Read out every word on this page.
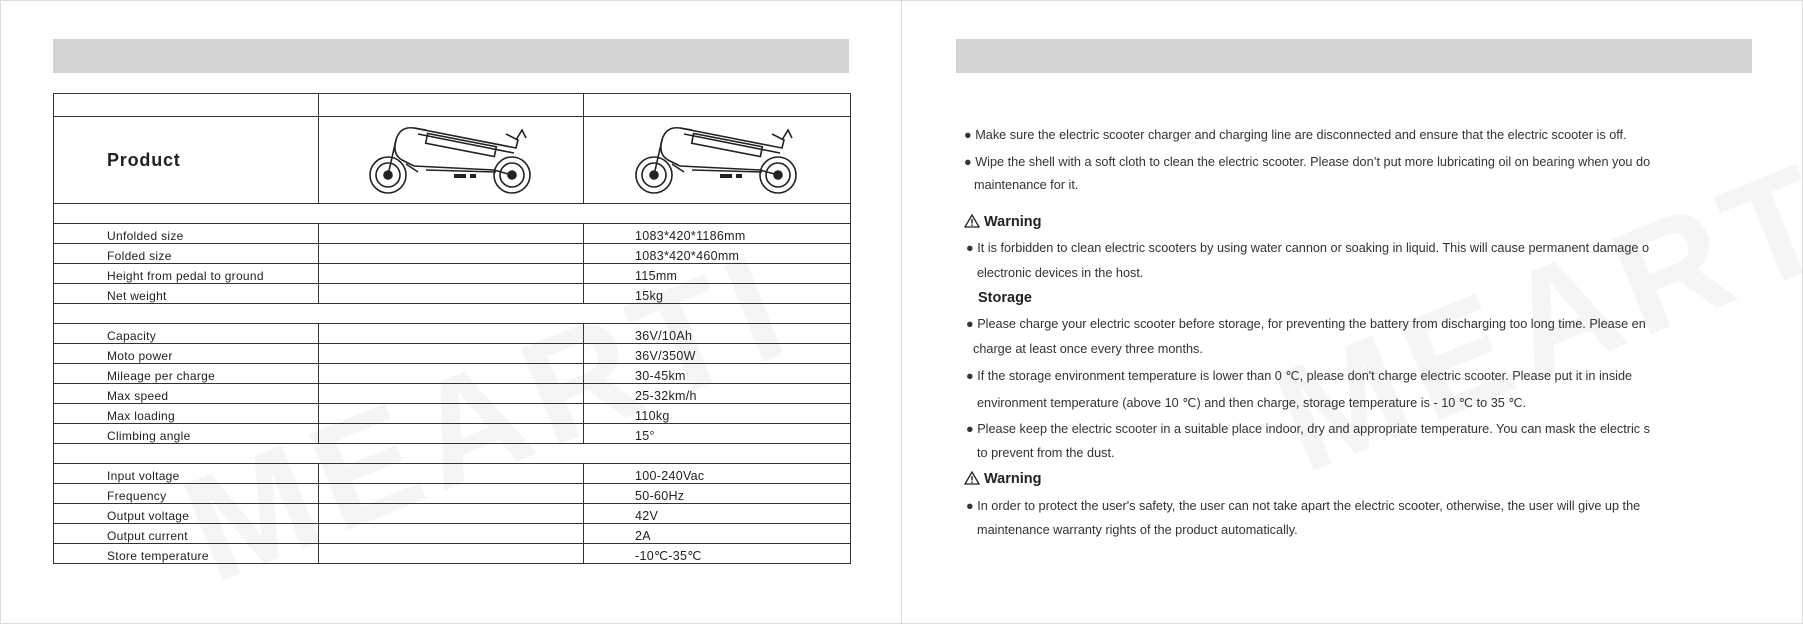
Product		

Unfolded size		1083*420*1186mm
Folded size		1083*420*460mm
Height from pedal to ground		115mm
Net weight		15kg

Capacity		36V/10Ah
Moto power		36V/350W
Mileage per charge		30-45km
Max speed		25-32km/h
Max loading		110kg
Climbing angle		15°

Input voltage		100-240Vac
Frequency		50-60Hz
Output voltage		42V
Output current		2A
Store temperature		-10℃-35℃
● Make sure the electric scooter charger and charging line are disconnected and ensure that the electric scooter is off.
● Wipe the shell with a soft cloth to clean the electric scooter. Please don’t put more lubricating oil on bearing when you do
maintenance for it.
Warning
● It is forbidden to clean electric scooters by using water cannon or soaking in liquid. This will cause permanent damage o
electronic devices in the host.
Storage
● Please charge your electric scooter before storage, for preventing the battery from discharging too long time. Please en
charge at least once every three months.
● If the storage environment temperature is lower than 0 ℃, please don't charge electric scooter. Please put it in inside
environment temperature (above 10 ℃) and then charge, storage temperature is - 10 ℃ to 35 ℃.
● Please keep the electric scooter in a suitable place indoor, dry and appropriate temperature. You can mask the electric s
to prevent from the dust.
Warning
● In order to protect the user's safety, the user can not take apart the electric scooter, otherwise, the user will give up the
maintenance warranty rights of the product automatically.
